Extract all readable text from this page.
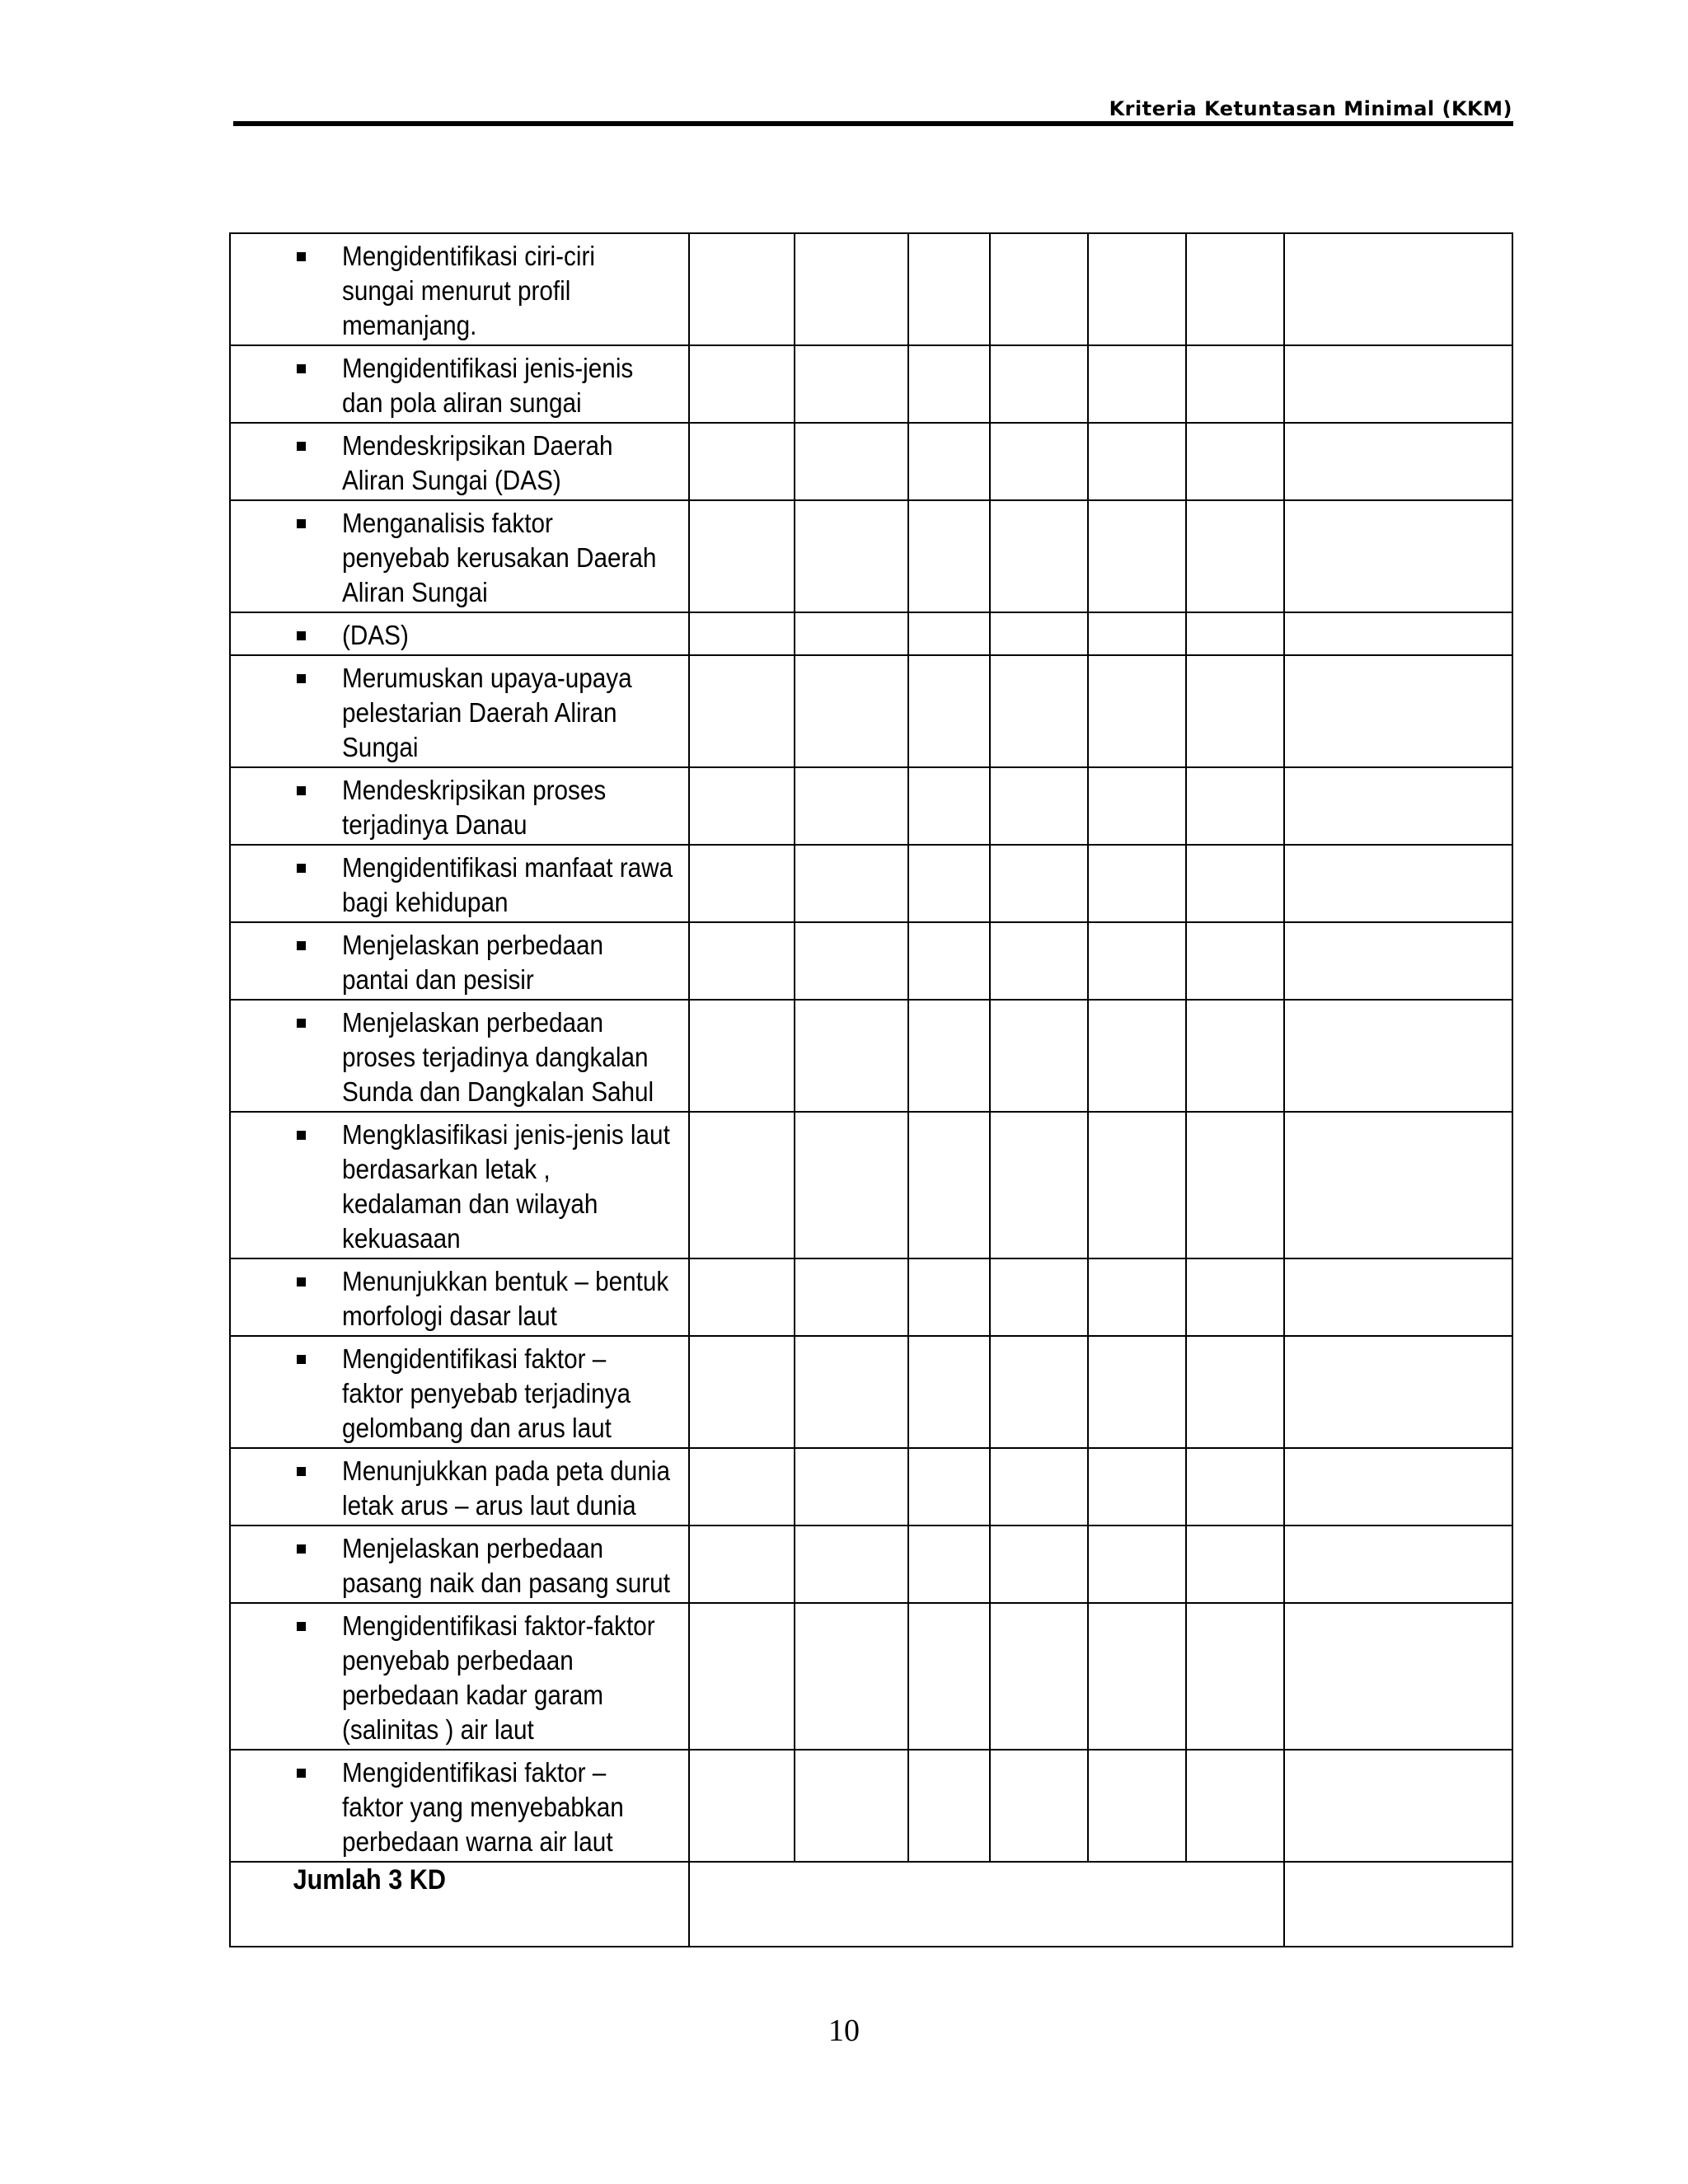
Kriteria Ketuntasan Minimal (KKM)
Mengidentifikasi ciri-ciri
sungai menurut profil
memanjang.							

Mengidentifikasi jenis-jenis
dan pola aliran sungai							

Mendeskripsikan Daerah
Aliran Sungai (DAS)							

Menganalisis faktor
penyebab kerusakan Daerah
Aliran Sungai							

(DAS)							

Merumuskan upaya-upaya
pelestarian Daerah Aliran
Sungai							

Mendeskripsikan proses
terjadinya Danau							

Mengidentifikasi manfaat rawa
bagi kehidupan							

Menjelaskan perbedaan
pantai dan pesisir							

Menjelaskan perbedaan
proses terjadinya dangkalan
Sunda dan Dangkalan Sahul							

Mengklasifikasi jenis-jenis laut
berdasarkan letak ,
kedalaman dan wilayah
kekuasaan							

Menunjukkan bentuk – bentuk
morfologi dasar laut							

Mengidentifikasi faktor –
faktor penyebab terjadinya
gelombang dan arus laut							

Menunjukkan pada peta dunia
letak arus – arus laut dunia							

Menjelaskan perbedaan
pasang naik dan pasang surut							

Mengidentifikasi faktor-faktor
penyebab perbedaan
perbedaan kadar garam
(salinitas ) air laut							

Mengidentifikasi faktor –
faktor yang menyebabkan
perbedaan warna air laut							

Jumlah 3 KD							

10
